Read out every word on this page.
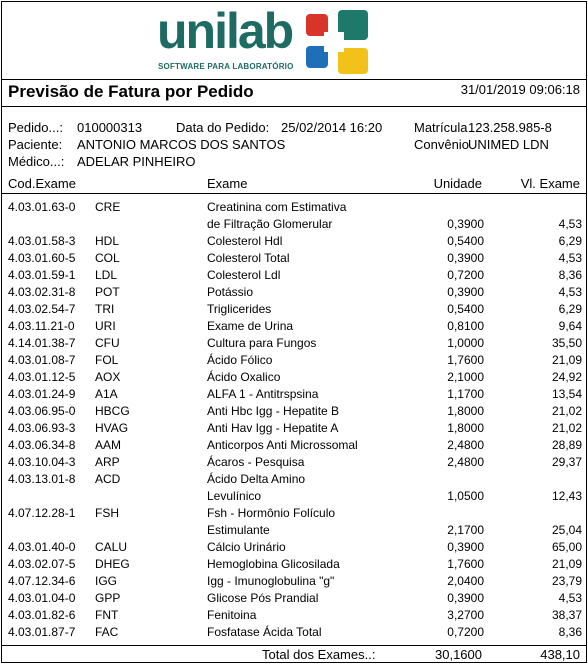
unilab
SOFTWARE PARA LABORATÓRIO
Previsão de Fatura por Pedido	31/01/2019 09:06:18
Pedido...: 010000313	Data do Pedido: 25/02/2014 16:20 Matrícula 123.258.985-8
Paciente: ANTONIO MARCOS DOS SANTOS	Convênio UNIMED LDN
Médico...: ADELAR PINHEIRO
Cod.Exame	Exame	Unidade	Vl. Exame
4.03.01.63-0 CRE	Creatinina com Estimativa
de Filtração Glomerular	0,3900	4,53
4.03.01.58-3 HDL	Colesterol Hdl	0,5400	6,29
4.03.01.60-5 COL	Colesterol Total	0,3900	4,53
4.03.01.59-1 LDL	Colesterol Ldl	0,7200	8,36
4.03.02.31-8 POT	Potássio	0,3900	4,53
4.03.02.54-7 TRI	Triglicerides	0,5400	6,29
4.03.11.21-0 URI	Exame de Urina	0,8100	9,64
4.14.01.38-7 CFU	Cultura para Fungos	1,0000	35,50
4.03.01.08-7 FOL	Ácido Fólico	1,7600	21,09
4.03.01.12-5 AOX	Ácido Oxalico	2,1000	24,92
4.03.01.24-9 A1A	ALFA 1 - Antitrspsina	1,1700	13,54
4.03.06.95-0 HBCG	Anti Hbc Igg - Hepatite B	1,8000	21,02
4.03.06.93-3 HVAG	Anti Hav Igg - Hepatite A	1,8000	21,02
4.03.06.34-8 AAM	Anticorpos Anti Microssomal	2,4800	28,89
4.03.10.04-3 ARP	Ácaros - Pesquisa	2,4800	29,37
4.03.13.01-8 ACD	Ácido Delta Amino
Levulínico	1,0500	12,43
4.07.12.28-1 FSH	Fsh - Hormônio Folículo
Estimulante	2,1700	25,04
4.03.01.40-0 CALU	Cálcio Urinário	0,3900	65,00
4.03.02.07-5 DHEG	Hemoglobina Glicosilada	1,7600	21,09
4.07.12.34-6 IGG	Igg - Imunoglobulina "g"	2,0400	23,79
4.03.01.04-0 GPP	Glicose Pós Prandial	0,3900	4,53
4.03.01.82-6 FNT	Fenitoina	3,2700	38,37
4.03.01.87-7 FAC	Fosfatase Ácida Total	0,7200	8,36
Total dos Exames..:	30,1600	438,10
